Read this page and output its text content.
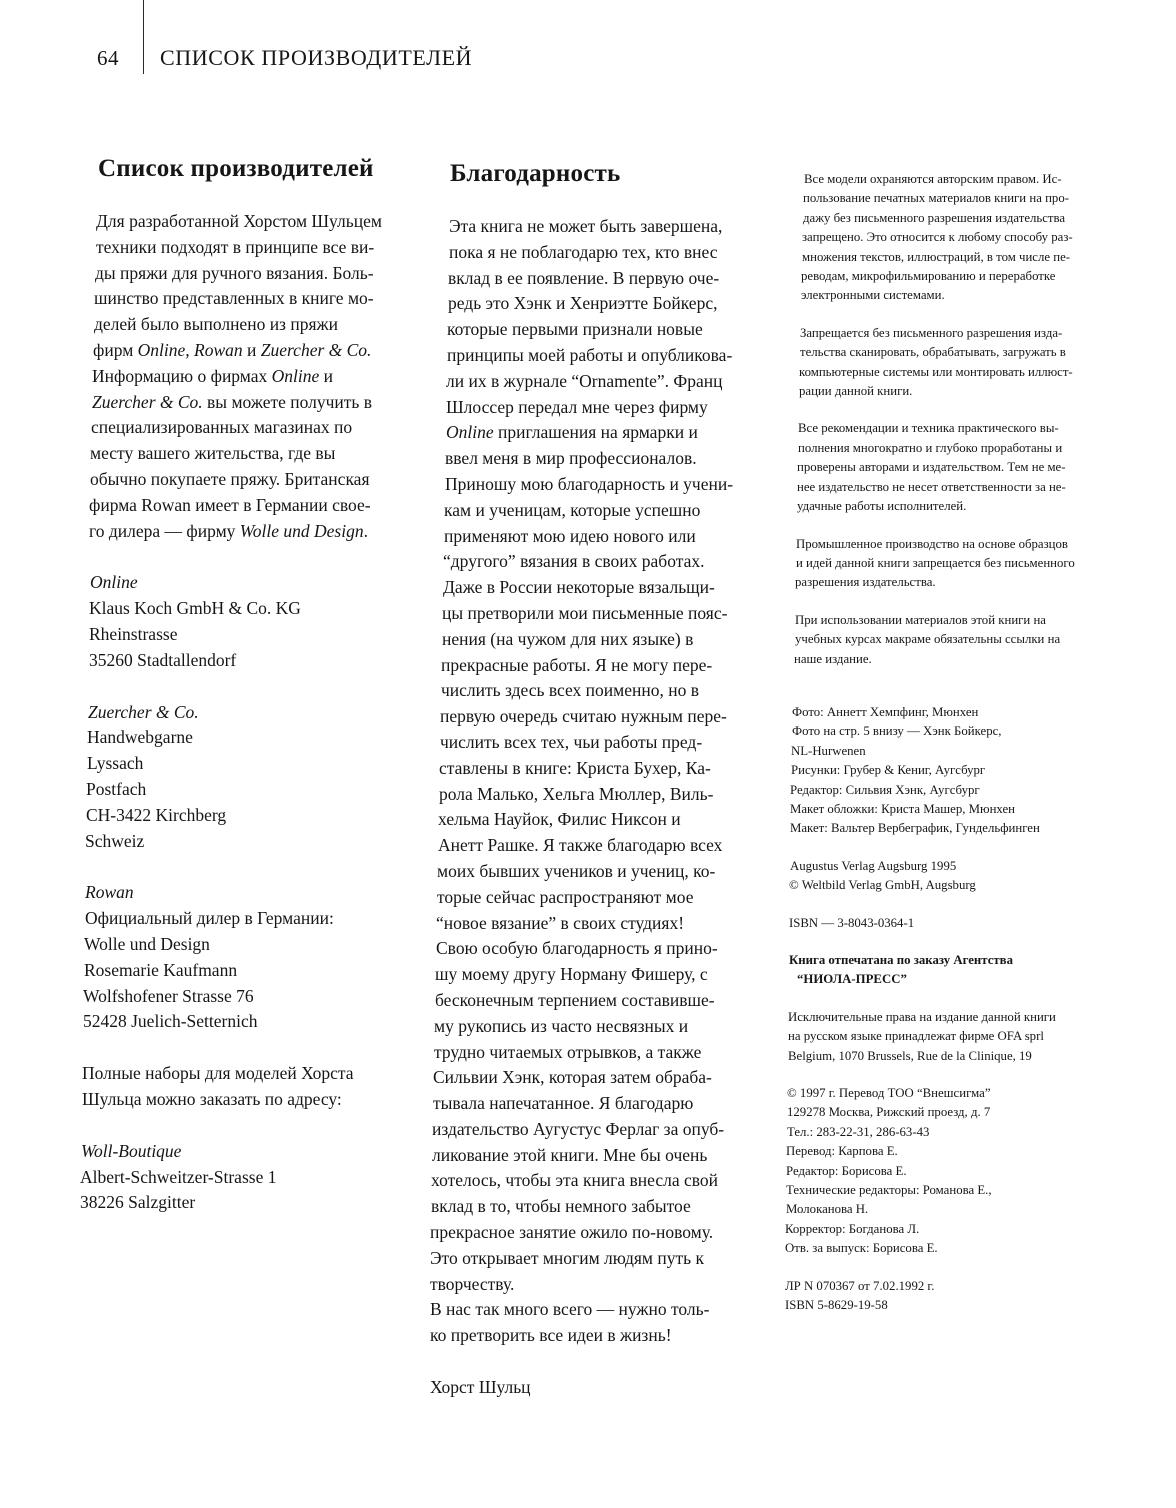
64 СПИСОК ПРОИЗВОДИТЕЛЕЙ
Список производителей
Для разработанной Хорстом Шульцем
техники подходят в принципе все ви-
ды пряжи для ручного вязания. Боль-
шинство представленных в книге мо-
делей было выполнено из пряжи
фирм Online, Rowan и Zuercher & Co.
Информацию о фирмах Online и
Zuercher & Co. вы можете получить в
специализированных магазинах по
месту вашего жительства, где вы
обычно покупаете пряжу. Британская
фирма Rowan имеет в Германии свое-
го дилера — фирму Wolle und Design.
Online
Klaus Koch GmbH & Co. KG
Rheinstrasse
35260 Stadtallendorf
Zuercher & Co.
Handwebgarne
Lyssach
Postfach
CH-3422 Kirchberg
Schweiz
Rowan
Официальный дилер в Германии:
Wolle und Design
Rosemarie Kaufmann
Wolfshofener Strasse 76
52428 Juelich-Setternich
Полные наборы для моделей Хорста
Шульца можно заказать по адресу:
Woll-Boutique
Albert-Schweitzer-Strasse 1
38226 Salzgitter
Благодарность
Эта книга не может быть завершена,
пока я не поблагодарю тех, кто внес
вклад в ее появление. В первую оче-
редь это Хэнк и Хенриэтте Бойкерс,
которые первыми признали новые
принципы моей работы и опубликова-
ли их в журнале “Ornamente”. Франц
Шлоссер передал мне через фирму
Online приглашения на ярмарки и
ввел меня в мир профессионалов.
Приношу мою благодарность и учени-
кам и ученицам, которые успешно
применяют мою идею нового или
“другого” вязания в своих работах.
Даже в России некоторые вязальщи-
цы претворили мои письменные пояс-
нения (на чужом для них языке) в
прекрасные работы. Я не могу пере-
числить здесь всех поименно, но в
первую очередь считаю нужным пере-
числить всех тех, чьи работы пред-
ставлены в книге: Криста Бухер, Ка-
рола Малько, Хельга Мюллер, Виль-
хельма Науйок, Филис Никсон и
Анетт Рашке. Я также благодарю всех
моих бывших учеников и учениц, ко-
торые сейчас распространяют мое
“новое вязание” в своих студиях!
Свою особую благодарность я прино-
шу моему другу Норману Фишеру, с
бесконечным терпением составивше-
му рукопись из часто несвязных и
трудно читаемых отрывков, а также
Сильвии Хэнк, которая затем обраба-
тывала напечатанное. Я благодарю
издательство Аугустус Ферлаг за опуб-
ликование этой книги. Мне бы очень
хотелось, чтобы эта книга внесла свой
вклад в то, чтобы немного забытое
прекрасное занятие ожило по-новому.
Это открывает многим людям путь к
творчеству.
В нас так много всего — нужно толь-
ко претворить все идеи в жизнь!
Хорст Шульц
Все модели охраняются авторским правом. Ис-
пользование печатных материалов книги на про-
дажу без письменного разрешения издательства
запрещено. Это относится к любому способу раз-
множения текстов, иллюстраций, в том числе пе-
реводам, микрофильмированию и переработке
электронными системами.
Запрещается без письменного разрешения изда-
тельства сканировать, обрабатывать, загружать в
компьютерные системы или монтировать иллюст-
рации данной книги.
Все рекомендации и техника практического вы-
полнения многократно и глубоко проработаны и
проверены авторами и издательством. Тем не ме-
нее издательство не несет ответственности за не-
удачные работы исполнителей.
Промышленное производство на основе образцов
и идей данной книги запрещается без письменного
разрешения издательства.
При использовании материалов этой книги на
учебных курсах макраме обязательны ссылки на
наше издание.
Фото: Аннетт Хемпфинг, Мюнхен
Фото на стр. 5 внизу — Хэнк Бойкерс,
NL-Hurwenen
Рисунки: Грубер & Кениг, Аугсбург
Редактор: Сильвия Хэнк, Аугсбург
Макет обложки: Криста Машер, Мюнхен
Макет: Вальтер Вербеграфик, Гундельфинген
Augustus Verlag Augsburg 1995
© Weltbild Verlag GmbH, Augsburg
ISBN — 3-8043-0364-1
Книга отпечатана по заказу Агентства
“НИОЛА-ПРЕСС”
Исключительные права на издание данной книги
на русском языке принадлежат фирме OFA sprl
Belgium, 1070 Brussels, Rue de la Clinique, 19
© 1997 г. Перевод ТОО “Внешсигма”
129278 Москва, Рижский проезд, д. 7
Тел.: 283-22-31, 286-63-43
Перевод: Карпова Е.
Редактор: Борисова Е.
Технические редакторы: Романова Е.,
Молоканова Н.
Корректор: Богданова Л.
Отв. за выпуск: Борисова Е.
ЛР N 070367 от 7.02.1992 г.
ISBN 5-8629-19-58
